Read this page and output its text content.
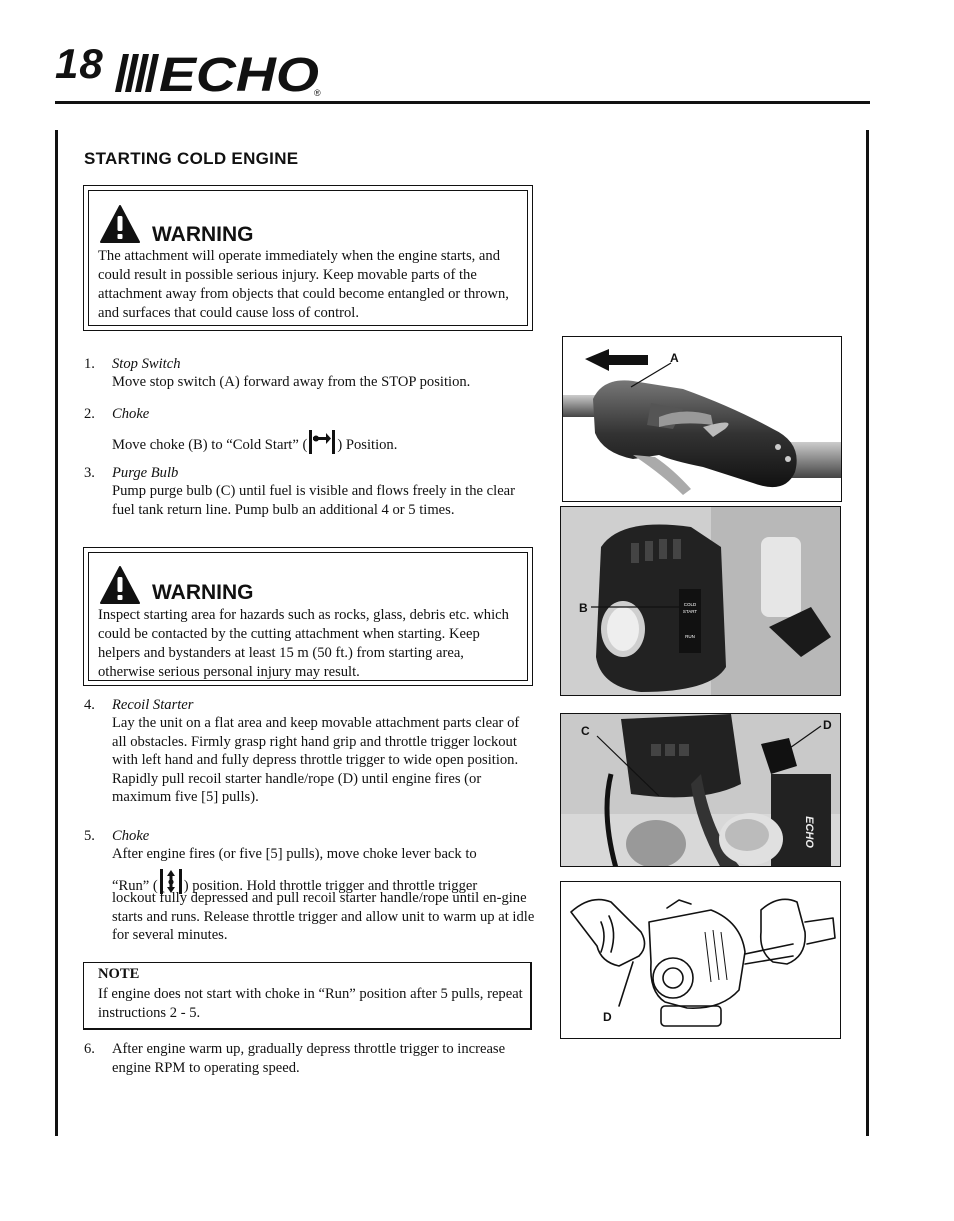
18 ECHO
®
STARTING COLD ENGINE
WARNING
The attachment will operate immediately when the engine starts, and could result in possible serious injury. Keep movable parts of the attachment away from objects that could become entangled or thrown, and surfaces that could cause loss of control.
1. Stop Switch
Move stop switch (A) forward away from the STOP position.
2. Choke
Move choke (B) to “Cold Start” ( ) Position.
3. Purge Bulb
Pump purge bulb (C) until fuel is visible and flows freely in the clear fuel tank return line. Pump bulb an additional 4 or 5 times.
WARNING
Inspect starting area for hazards such as rocks, glass, debris etc. which could be contacted by the cutting attachment when starting. Keep helpers and bystanders at least 15 m (50 ft.) from starting area, otherwise serious personal injury may result.
4. Recoil Starter
Lay the unit on a flat area and keep movable attachment parts clear of all obstacles. Firmly grasp right hand grip and throttle trigger lockout with left hand and fully depress throttle trigger to wide open position. Rapidly pull recoil starter handle/rope (D) until engine fires (or maximum five [5] pulls).
5. Choke
After engine fires (or five [5] pulls), move choke lever back to
“Run” ( ) position. Hold throttle trigger and throttle trigger
lockout fully depressed and pull recoil starter handle/rope until en-gine starts and runs. Release throttle trigger and allow unit to warm up at idle for several minutes.
NOTE
If engine does not start with choke in “Run” position after 5 pulls, repeat instructions 2 - 5.
6. After engine warm up, gradually depress throttle trigger to increase engine RPM to operating speed.
A
COLD
START
RUN
B
ECHO
C	D
D
